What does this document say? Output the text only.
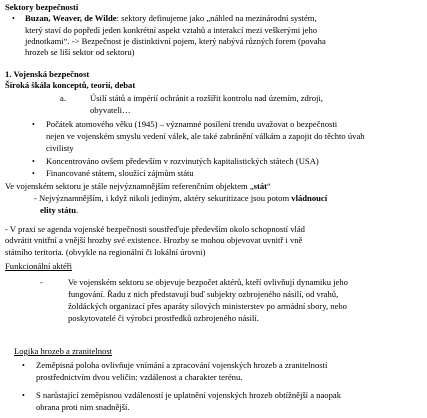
Sektory bezpečnosti
• Buzan, Weaver, de Wilde: sektory definujeme jako „náhled na mezinárodní systém,
který staví do popředí jeden konkrétní aspekt vztahů a interakcí mezi veškerými jeho
jednotkami“. -> Bezpečnost je distinktivní pojem, který nabývá různých forem (povaha
hrozeb se liší sektor od sektoru)
1. Vojenská bezpečnost
Široká škála konceptů, teorií, debat
a.	Úsilí států a impérií ochránit a rozšířit kontrolu nad územím, zdroji,
obyvateli…
• Počátek atomového věku (1945) – významné posílení trendu uvažovat o bezpečnosti
nejen ve vojenském smyslu vedení válek, ale také zabránění válkám a zapojit do těchto úvah
civilisty
• Koncentrováno ovšem především v rozvinutých kapitalistických státech (USA)
• Financované státem, sloužící zájmům státu
Ve vojenském sektoru je stále nejvýznamnějším referenčním objektem „stát“
- Nejvýznamnějším, i když nikoli jediným, aktéry sekuritizace jsou potom vládnoucí
elity státu.
- V praxi se agenda vojenské bezpečnosti soustřeďuje především okolo schopností vlád
odvrátit vnitřní a vnější hrozby své existence. Hrozby se mohou objevovat uvnitř i vně
státního teritoria. (obvykle na regionální či lokální úrovni)
Funkcionální aktéři
-	Ve vojenském sektoru se objevuje bezpočet aktérů, kteří ovlivňují dynamiku jeho
fungování. Řadu z nich představují buď subjekty ozbrojeného násilí, od vrahů,
žoldáckých organizací přes aparáty silových ministerstev po armádní sbory, nebo
poskytovatelé či výrobci prostředků ozbrojeného násilí.
Logika hrozeb a zranitelnost
• Zeměpisná poloha ovlivňuje vnímání a zpracování vojenských hrozeb a zranitelností
prostřednictvím dvou veličin: vzdálenost a charakter terénu.
• S narůstající zeměpisnou vzdáleností je uplatnění vojenských hrozeb obtížnější a naopak
obrana proti nim snadnější.
